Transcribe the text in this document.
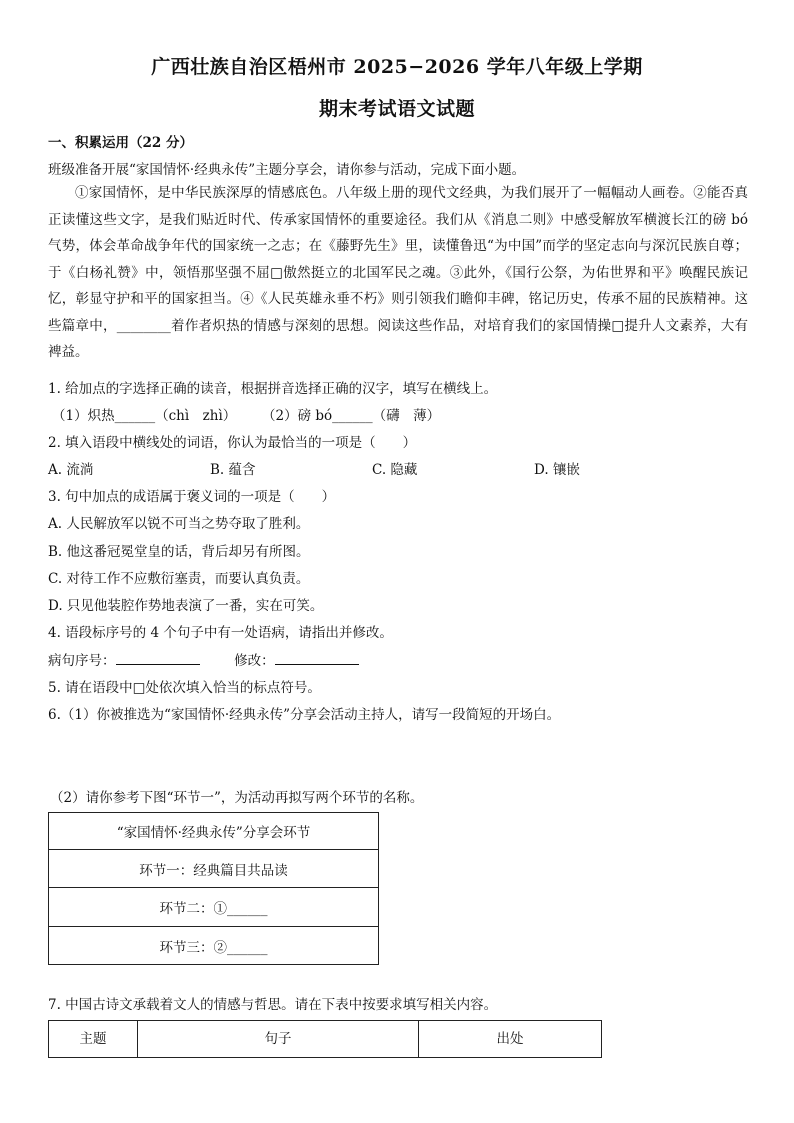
广西壮族自治区梧州市 2025−2026 学年八年级上学期
期末考试语文试题
一、积累运用（22 分）
班级准备开展“家国情怀·经典永传”主题分享会，请你参与活动，完成下面小题。
①家国情怀，是中华民族深厚的情感底色。八年级上册的现代文经典，为我们展开了一幅幅动人画卷。②能否真正读懂这些文字，是我们贴近时代、传承家国情怀的重要途径。我们从《消息二则》中感受解放军横渡长江的磅 bó 气势，体会革命战争年代的国家统一之志；在《藤野先生》里，读懂鲁迅“为中国”而学的坚定志向与深沉民族自尊；于《白杨礼赞》中，领悟那坚强不屈□傲然挺立的北国军民之魂。③此外，《国行公祭，为佑世界和平》唤醒民族记忆，彰显守护和平的国家担当。④《人民英雄永垂不朽》则引领我们瞻仰丰碑，铭记历史，传承不屈的民族精神。这些篇章中，________着作者炽热的情感与深刻的思想。阅读这些作品，对培育我们的家国情操□提升人文素养，大有裨益。
1. 给加点的字选择正确的读音，根据拼音选择正确的汉字，填写在横线上。
（1）炽热______（chì　zhì） （2）磅 bó______（礴　薄）
2. 填入语段中横线处的词语，你认为最恰当的一项是（　　）
A. 流淌	B. 蕴含	C. 隐藏	D. 镶嵌
3. 句中加点的成语属于褒义词的一项是（　　）
A. 人民解放军以锐不可当之势夺取了胜利。
B. 他这番冠冕堂皇的话，背后却另有所图。
C. 对待工作不应敷衍塞责，而要认真负责。
D. 只见他装腔作势地表演了一番，实在可笑。
4. 语段标序号的 4 个句子中有一处语病，请指出并修改。
病句序号：	修改：
5. 请在语段中□处依次填入恰当的标点符号。
6.（1）你被推选为“家国情怀·经典永传”分享会活动主持人，请写一段简短的开场白。
（2）请你参考下图“环节一”，为活动再拟写两个环节的名称。
“家国情怀·经典永传”分享会环节
环节一：经典篇目共品读
环节二：①______
环节三：②______
7. 中国古诗文承载着文人的情感与哲思。请在下表中按要求填写相关内容。
主题	句子	出处
